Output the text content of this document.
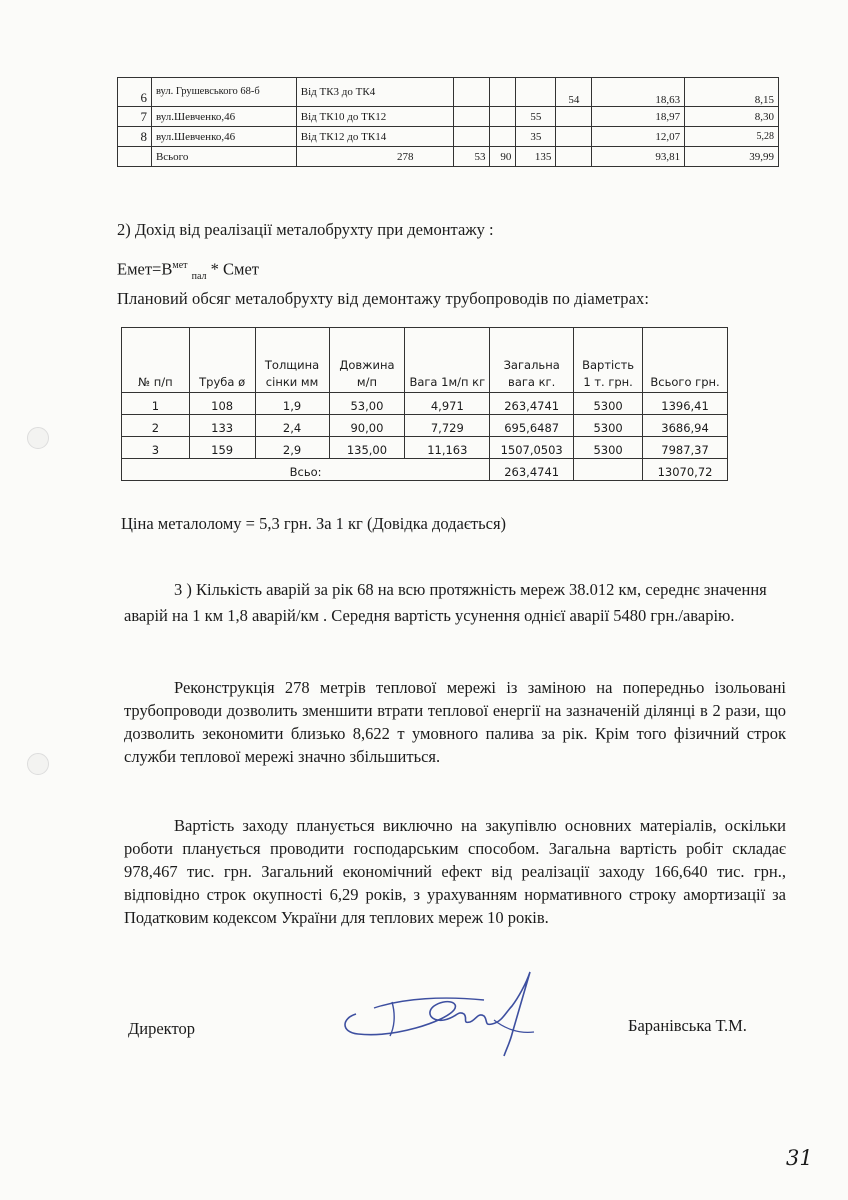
6	вул. Грушевського 68-б	Від ТК3 до ТК4				54	18,63	8,15
7	вул.Шевченко,46	Від ТК10 до ТК12			55		18,97	8,30
8	вул.Шевченко,46	Від ТК12 до ТК14			35		12,07	5,28
	Всього	278	53	90	135		93,81	39,99

2) Дохід від реалізації металобрухту при демонтажу :

$Емет=В^{мет}$ $_{пал}$ * Смет

Плановий обсяг металобрухту від демонтажу трубопроводів по діаметрах:

№ п/п	Труба ø	Толщина сінки мм	Довжина м/п	Вага 1м/п кг	Загальна вага кг.	Вартість 1 т. грн.	Всього грн.
1	108	1,9	53,00	4,971	263,4741	5300	1396,41
2	133	2,4	90,00	7,729	695,6487	5300	3686,94
3	159	2,9	135,00	11,163	1507,0503	5300	7987,37
Всьо:					263,4741		13070,72

Ціна металолому = 5,3 грн. За 1 кг (Довідка додається)

3 ) Кількість аварій за рік 68 на всю протяжність мереж 38.012 км, середнє значення аварій на 1 км 1,8 аварій/км . Середня вартість усунення однієї аварії 5480 грн./аварію.

Реконструкція 278 метрів теплової мережі із заміною на попередньо ізольовані трубопроводи дозволить зменшити втрати теплової енергії на зазначеній ділянці в 2 рази, що дозволить зекономити близько 8,622 т умовного палива за рік. Крім того фізичний строк служби теплової мережі значно збільшиться.

Вартість заходу планується виключно на закупівлю основних матеріалів, оскільки роботи планується проводити господарським способом. Загальна вартість робіт складає 978,467 тис. грн. Загальний економічний ефект від реалізації заходу 166,640 тис. грн., відповідно строк окупності 6,29 років, з урахуванням нормативного строку амортизації за Податковим кодексом України для теплових мереж 10 років.

Директор	Баранівська Т.М.

31
